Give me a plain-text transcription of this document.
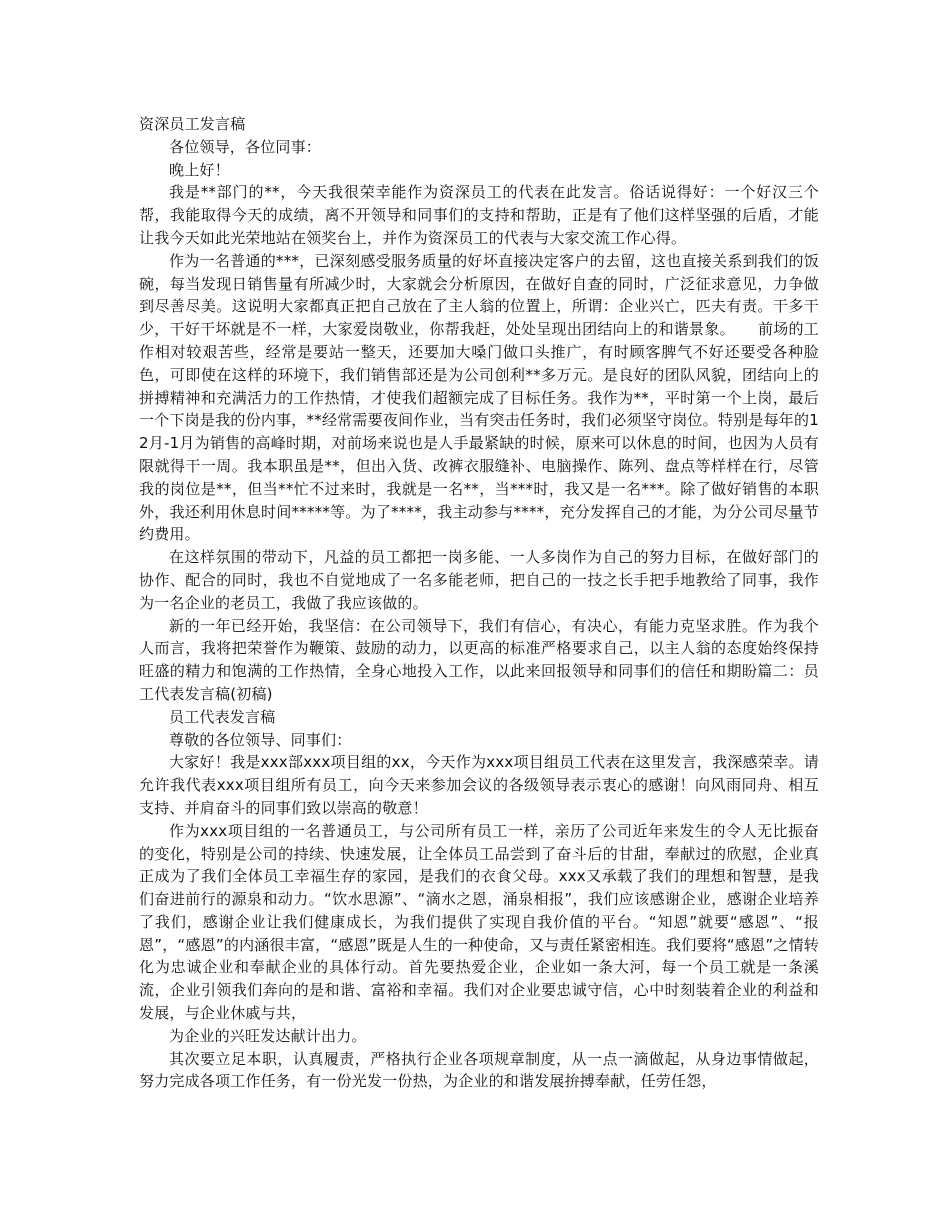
资深员工发言稿

各位领导，各位同事：

晚上好！

我是**部门的**，今天我很荣幸能作为资深员工的代表在此发言。俗话说得好：一个好汉三个帮，我能取得今天的成绩，离不开领导和同事们的支持和帮助，正是有了他们这样坚强的后盾，才能让我今天如此光荣地站在领奖台上，并作为资深员工的代表与大家交流工作心得。

作为一名普通的***，已深刻感受服务质量的好坏直接决定客户的去留，这也直接关系到我们的饭碗，每当发现日销售量有所减少时，大家就会分析原因，在做好自查的同时，广泛征求意见，力争做到尽善尽美。这说明大家都真正把自己放在了主人翁的位置上，所谓：企业兴亡，匹夫有责。干多干少，干好干坏就是不一样，大家爱岗敬业，你帮我赶，处处呈现出团结向上的和谐景象。　　前场的工作相对较艰苦些，经常是要站一整天，还要加大嗓门做口头推广，有时顾客脾气不好还要受各种脸色，可即使在这样的环境下，我们销售部还是为公司创利**多万元。是良好的团队风貌，团结向上的拼搏精神和充满活力的工作热情，才使我们超额完成了目标任务。我作为**，平时第一个上岗，最后一个下岗是我的份内事，**经常需要夜间作业，当有突击任务时，我们必须坚守岗位。特别是每年的12月-1月为销售的高峰时期，对前场来说也是人手最紧缺的时候，原来可以休息的时间，也因为人员有限就得干一周。我本职虽是**，但出入货、改裤衣服缝补、电脑操作、陈列、盘点等样样在行，尽管我的岗位是**，但当**忙不过来时，我就是一名**，当***时，我又是一名***。除了做好销售的本职外，我还利用休息时间*****等。为了****，我主动参与****，充分发挥自己的才能，为分公司尽量节约费用。

在这样氛围的带动下，凡益的员工都把一岗多能、一人多岗作为自己的努力目标，在做好部门的协作、配合的同时，我也不自觉地成了一名多能老师，把自己的一技之长手把手地教给了同事，我作为一名企业的老员工，我做了我应该做的。

新的一年已经开始，我坚信：在公司领导下，我们有信心，有决心，有能力克坚求胜。作为我个人而言，我将把荣誉作为鞭策、鼓励的动力，以更高的标准严格要求自己，以主人翁的态度始终保持旺盛的精力和饱满的工作热情，全身心地投入工作，以此来回报领导和同事们的信任和期盼篇二：员工代表发言稿(初稿)

员工代表发言稿

尊敬的各位领导、同事们：

大家好！我是xxx部xxx项目组的xx，今天作为xxx项目组员工代表在这里发言，我深感荣幸。请允许我代表xxx项目组所有员工，向今天来参加会议的各级领导表示衷心的感谢！向风雨同舟、相互支持、并肩奋斗的同事们致以崇高的敬意！

作为xxx项目组的一名普通员工，与公司所有员工一样，亲历了公司近年来发生的令人无比振奋的变化，特别是公司的持续、快速发展，让全体员工品尝到了奋斗后的甘甜，奉献过的欣慰，企业真正成为了我们全体员工幸福生存的家园，是我们的衣食父母。xxx又承载了我们的理想和智慧，是我们奋进前行的源泉和动力。“饮水思源”、“滴水之恩，涌泉相报”，我们应该感谢企业，感谢企业培养了我们，感谢企业让我们健康成长，为我们提供了实现自我价值的平台。“知恩”就要“感恩”、“报恩”，“感恩”的内涵很丰富，“感恩”既是人生的一种使命，又与责任紧密相连。我们要将“感恩”之情转化为忠诚企业和奉献企业的具体行动。首先要热爱企业，企业如一条大河，每一个员工就是一条溪流，企业引领我们奔向的是和谐、富裕和幸福。我们对企业要忠诚守信，心中时刻装着企业的利益和发展，与企业休戚与共，

为企业的兴旺发达献计出力。

其次要立足本职，认真履责，严格执行企业各项规章制度，从一点一滴做起，从身边事情做起，努力完成各项工作任务，有一份光发一份热，为企业的和谐发展拚搏奉献，任劳任怨，
